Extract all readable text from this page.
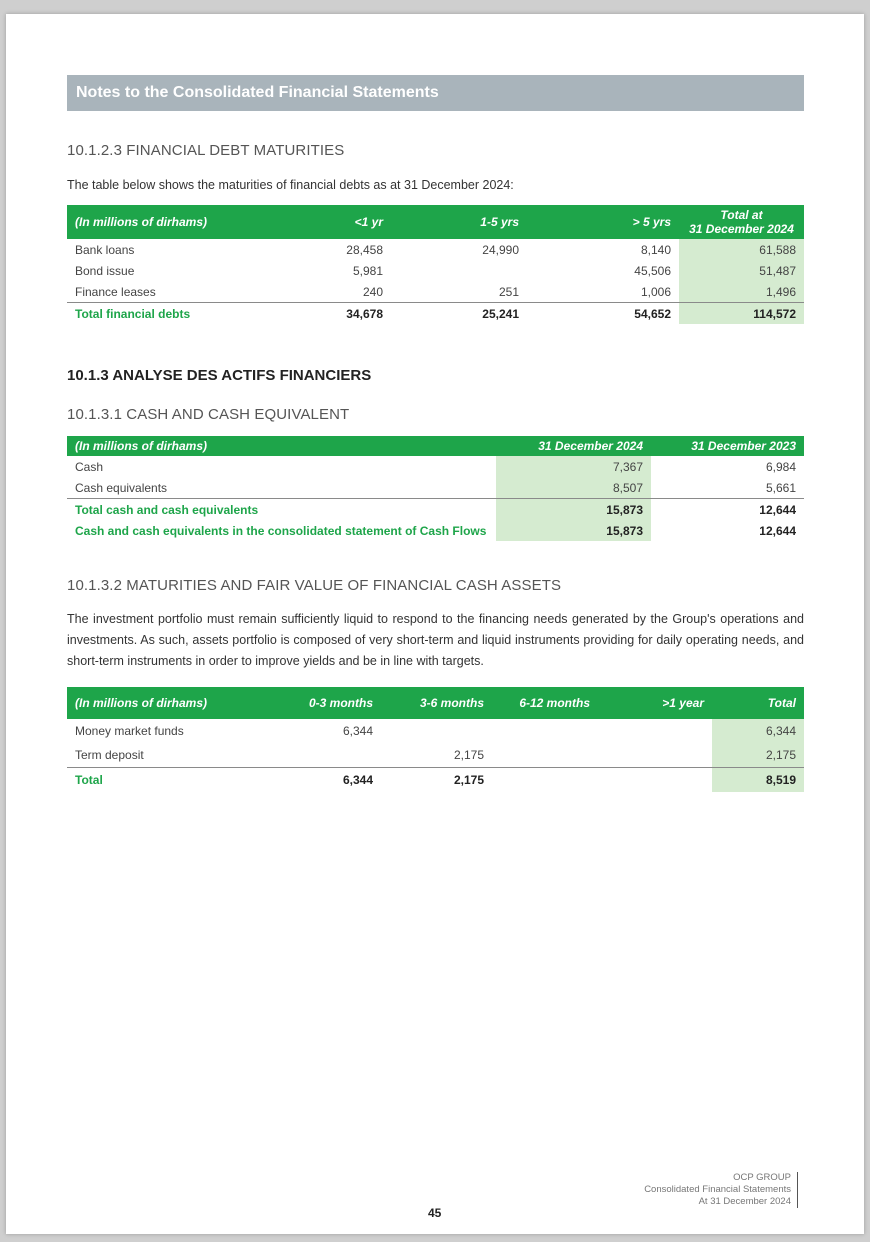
Notes to the Consolidated Financial Statements
10.1.2.3 FINANCIAL DEBT MATURITIES
The table below shows the maturities of financial debts as at 31 December 2024:
(In millions of dirhams)	<1 yr	1-5 yrs	> 5 yrs	Total at
31 December 2024
Bank loans	28,458	24,990	8,140	61,588
Bond issue	5,981		45,506	51,487
Finance leases	240	251	1,006	1,496
Total financial debts	34,678	25,241	54,652	114,572
10.1.3 ANALYSE DES ACTIFS FINANCIERS
10.1.3.1 CASH AND CASH EQUIVALENT
(In millions of dirhams)	31 December 2024	31 December 2023
Cash	7,367	6,984
Cash equivalents	8,507	5,661
Total cash and cash equivalents	15,873	12,644
Cash and cash equivalents in the consolidated statement of Cash Flows	15,873	12,644
10.1.3.2 MATURITIES AND FAIR VALUE OF FINANCIAL CASH ASSETS
The investment portfolio must remain sufficiently liquid to respond to the financing needs generated by the Group's operations and investments. As such, assets portfolio is composed of very short-term and liquid instruments providing for daily operating needs, and short-term instruments in order to improve yields and be in line with targets.
(In millions of dirhams)	0-3 months	3-6 months	6-12 months	>1 year	Total
Money market funds	6,344				6,344
Term deposit		2,175			2,175
Total	6,344	2,175			8,519
OCP GROUP
Consolidated Financial Statements
At 31 December 2024
45
